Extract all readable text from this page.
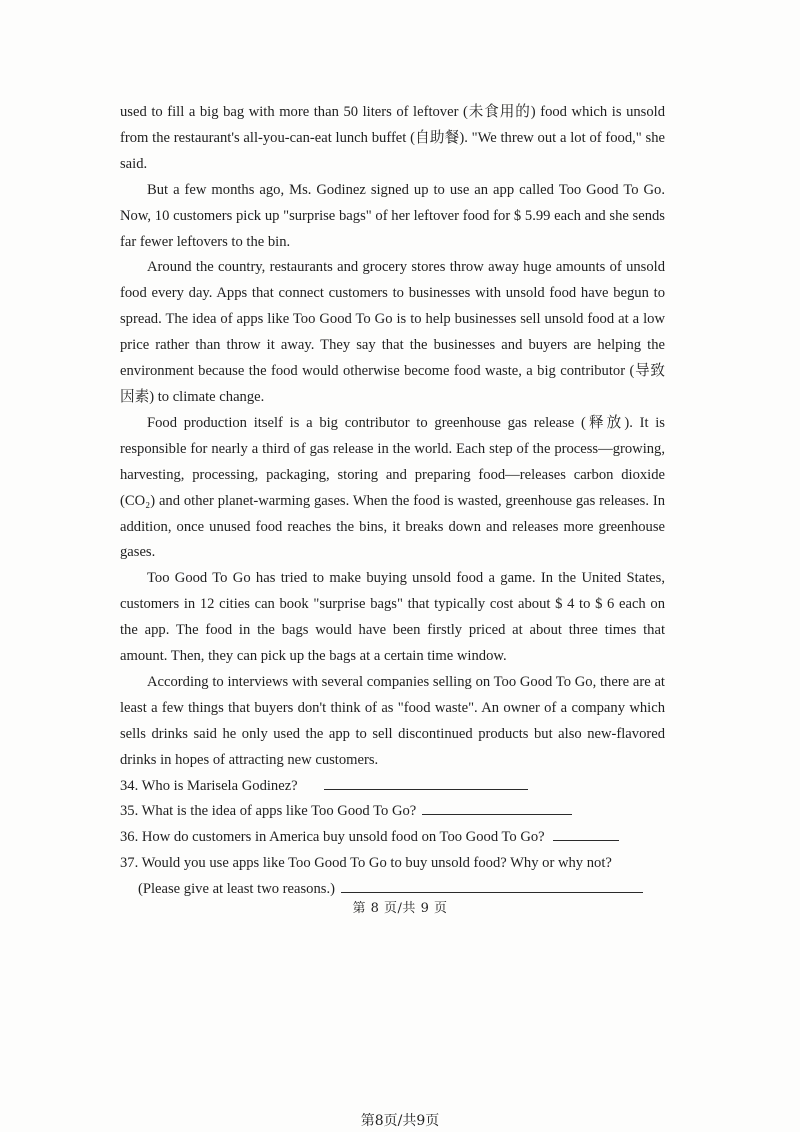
used to fill a big bag with more than 50 liters of leftover (未食用的) food which is unsold from the restaurant's all-you-can-eat lunch buffet (自助餐). "We threw out a lot of food," she said.

But a few months ago, Ms. Godinez signed up to use an app called Too Good To Go. Now, 10 customers pick up "surprise bags" of her leftover food for $ 5.99 each and she sends far fewer leftovers to the bin.

Around the country, restaurants and grocery stores throw away huge amounts of unsold food every day. Apps that connect customers to businesses with unsold food have begun to spread. The idea of apps like Too Good To Go is to help businesses sell unsold food at a low price rather than throw it away. They say that the businesses and buyers are helping the environment because the food would otherwise become food waste, a big contributor (导致因素) to climate change.

Food production itself is a big contributor to greenhouse gas release (释放). It is responsible for nearly a third of gas release in the world. Each step of the process—growing, harvesting, processing, packaging, storing and preparing food—releases carbon dioxide (CO₂) and other planet-warming gases. When the food is wasted, greenhouse gas releases. In addition, once unused food reaches the bins, it breaks down and releases more greenhouse gases.

Too Good To Go has tried to make buying unsold food a game. In the United States, customers in 12 cities can book "surprise bags" that typically cost about $ 4 to $ 6 each on the app. The food in the bags would have been firstly priced at about three times that amount. Then, they can pick up the bags at a certain time window.

According to interviews with several companies selling on Too Good To Go, there are at least a few things that buyers don't think of as "food waste". An owner of a company which sells drinks said he only used the app to sell discontinued products but also new-flavored drinks in hopes of attracting new customers.

34. Who is Marisela Godinez?
35. What is the idea of apps like Too Good To Go?
36. How do customers in America buy unsold food on Too Good To Go?
37. Would you use apps like Too Good To Go to buy unsold food? Why or why not?
(Please give at least two reasons.)
第 8 页/共 9 页
第8页/共9页
